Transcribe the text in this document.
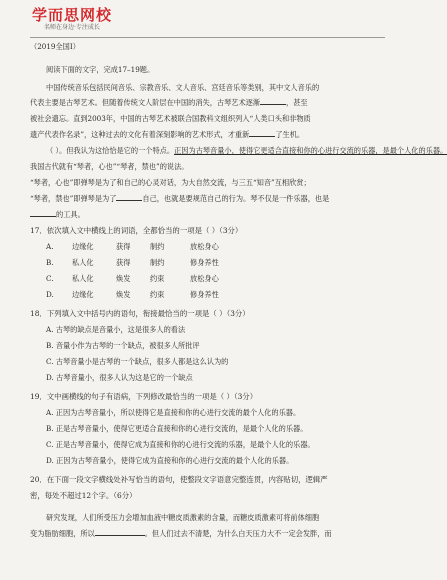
学而思网校
名师在身边·专注成长
（2019全国Ⅰ）
阅读下面的文字，完成17–19题。
中国传统音乐包括民间音乐、宗教音乐、文人音乐、宫廷音乐等类别，其中文人音乐的
代表主要是古琴艺术。但随着传统文人阶层在中国的消失，古琴艺术逐渐	，甚至
被社会遗忘。直到2003年，中国的古琴艺术被联合国教科文组织列入“人类口头和非物质
遗产代表作名录”，这种过去的文化有着深刻影响的艺术形式，才重新	了生机。
（ ）。但我认为这恰恰是它的一个特点。正因为古琴音量小，使得它更适合直接和你的心进行交流的乐器，是最个人化的乐器。
我国古代就有“琴者，心也”“琴者，禁也”的说法。
“琴者，心也”即弹琴是为了和自己的心灵对话，为大自然交流，与三五“知音”互相欣赏；
“琴者，禁也”即弹琴是为了	自己，也就是要规范自己的行为。琴不仅是一件乐器，也是
的工具。
17．依次填入文中横线上的词语，全都恰当的一项是（ ）（3分）
A.	边缘化	获得	制约	放松身心
B.	私人化	获得	制约	修身养性
C.	私人化	焕发	约束	放松身心
D.	边缘化	焕发	约束	修身养性
18．下列填入文中括号内的语句，衔接最恰当的一项是（ ）（3分）
A. 古琴的缺点是音量小，这是很多人的看法
B. 音量小作为古琴的一个缺点，被很多人所批评
C. 古琴音量小是古琴的一个缺点，很多人都是这么认为的
D. 古琴音量小，很多人认为这是它的一个缺点
19．文中画横线的句子有语病，下列修改最恰当的一项是（ ）（3分）
A. 正因为古琴音量小，所以使得它是直接和你的心进行交流的最个人化的乐器。
B. 正是古琴音量小，使得它更适合直接和你的心进行交流的，是最个人化的乐器。
C. 正是古琴音量小，使得它成为直接和你的心进行交流的乐器，是最个人化的乐器。
D. 正因为古琴音量小，使得它成为直接和你的心进行交流的最个人化的乐器。
20．在下面一段文字横线处补写恰当的语句，使整段文字语意完整连贯，内容贴切，逻辑严
密，每处不超过12个字。（6分）
研究发现，人们所受压力会增加血液中糖皮质激素的含量，而糖皮质激素可将前体细胞
变为脂肪细胞，所以	。但人们过去不清楚，为什么白天压力大不一定会发胖，而
